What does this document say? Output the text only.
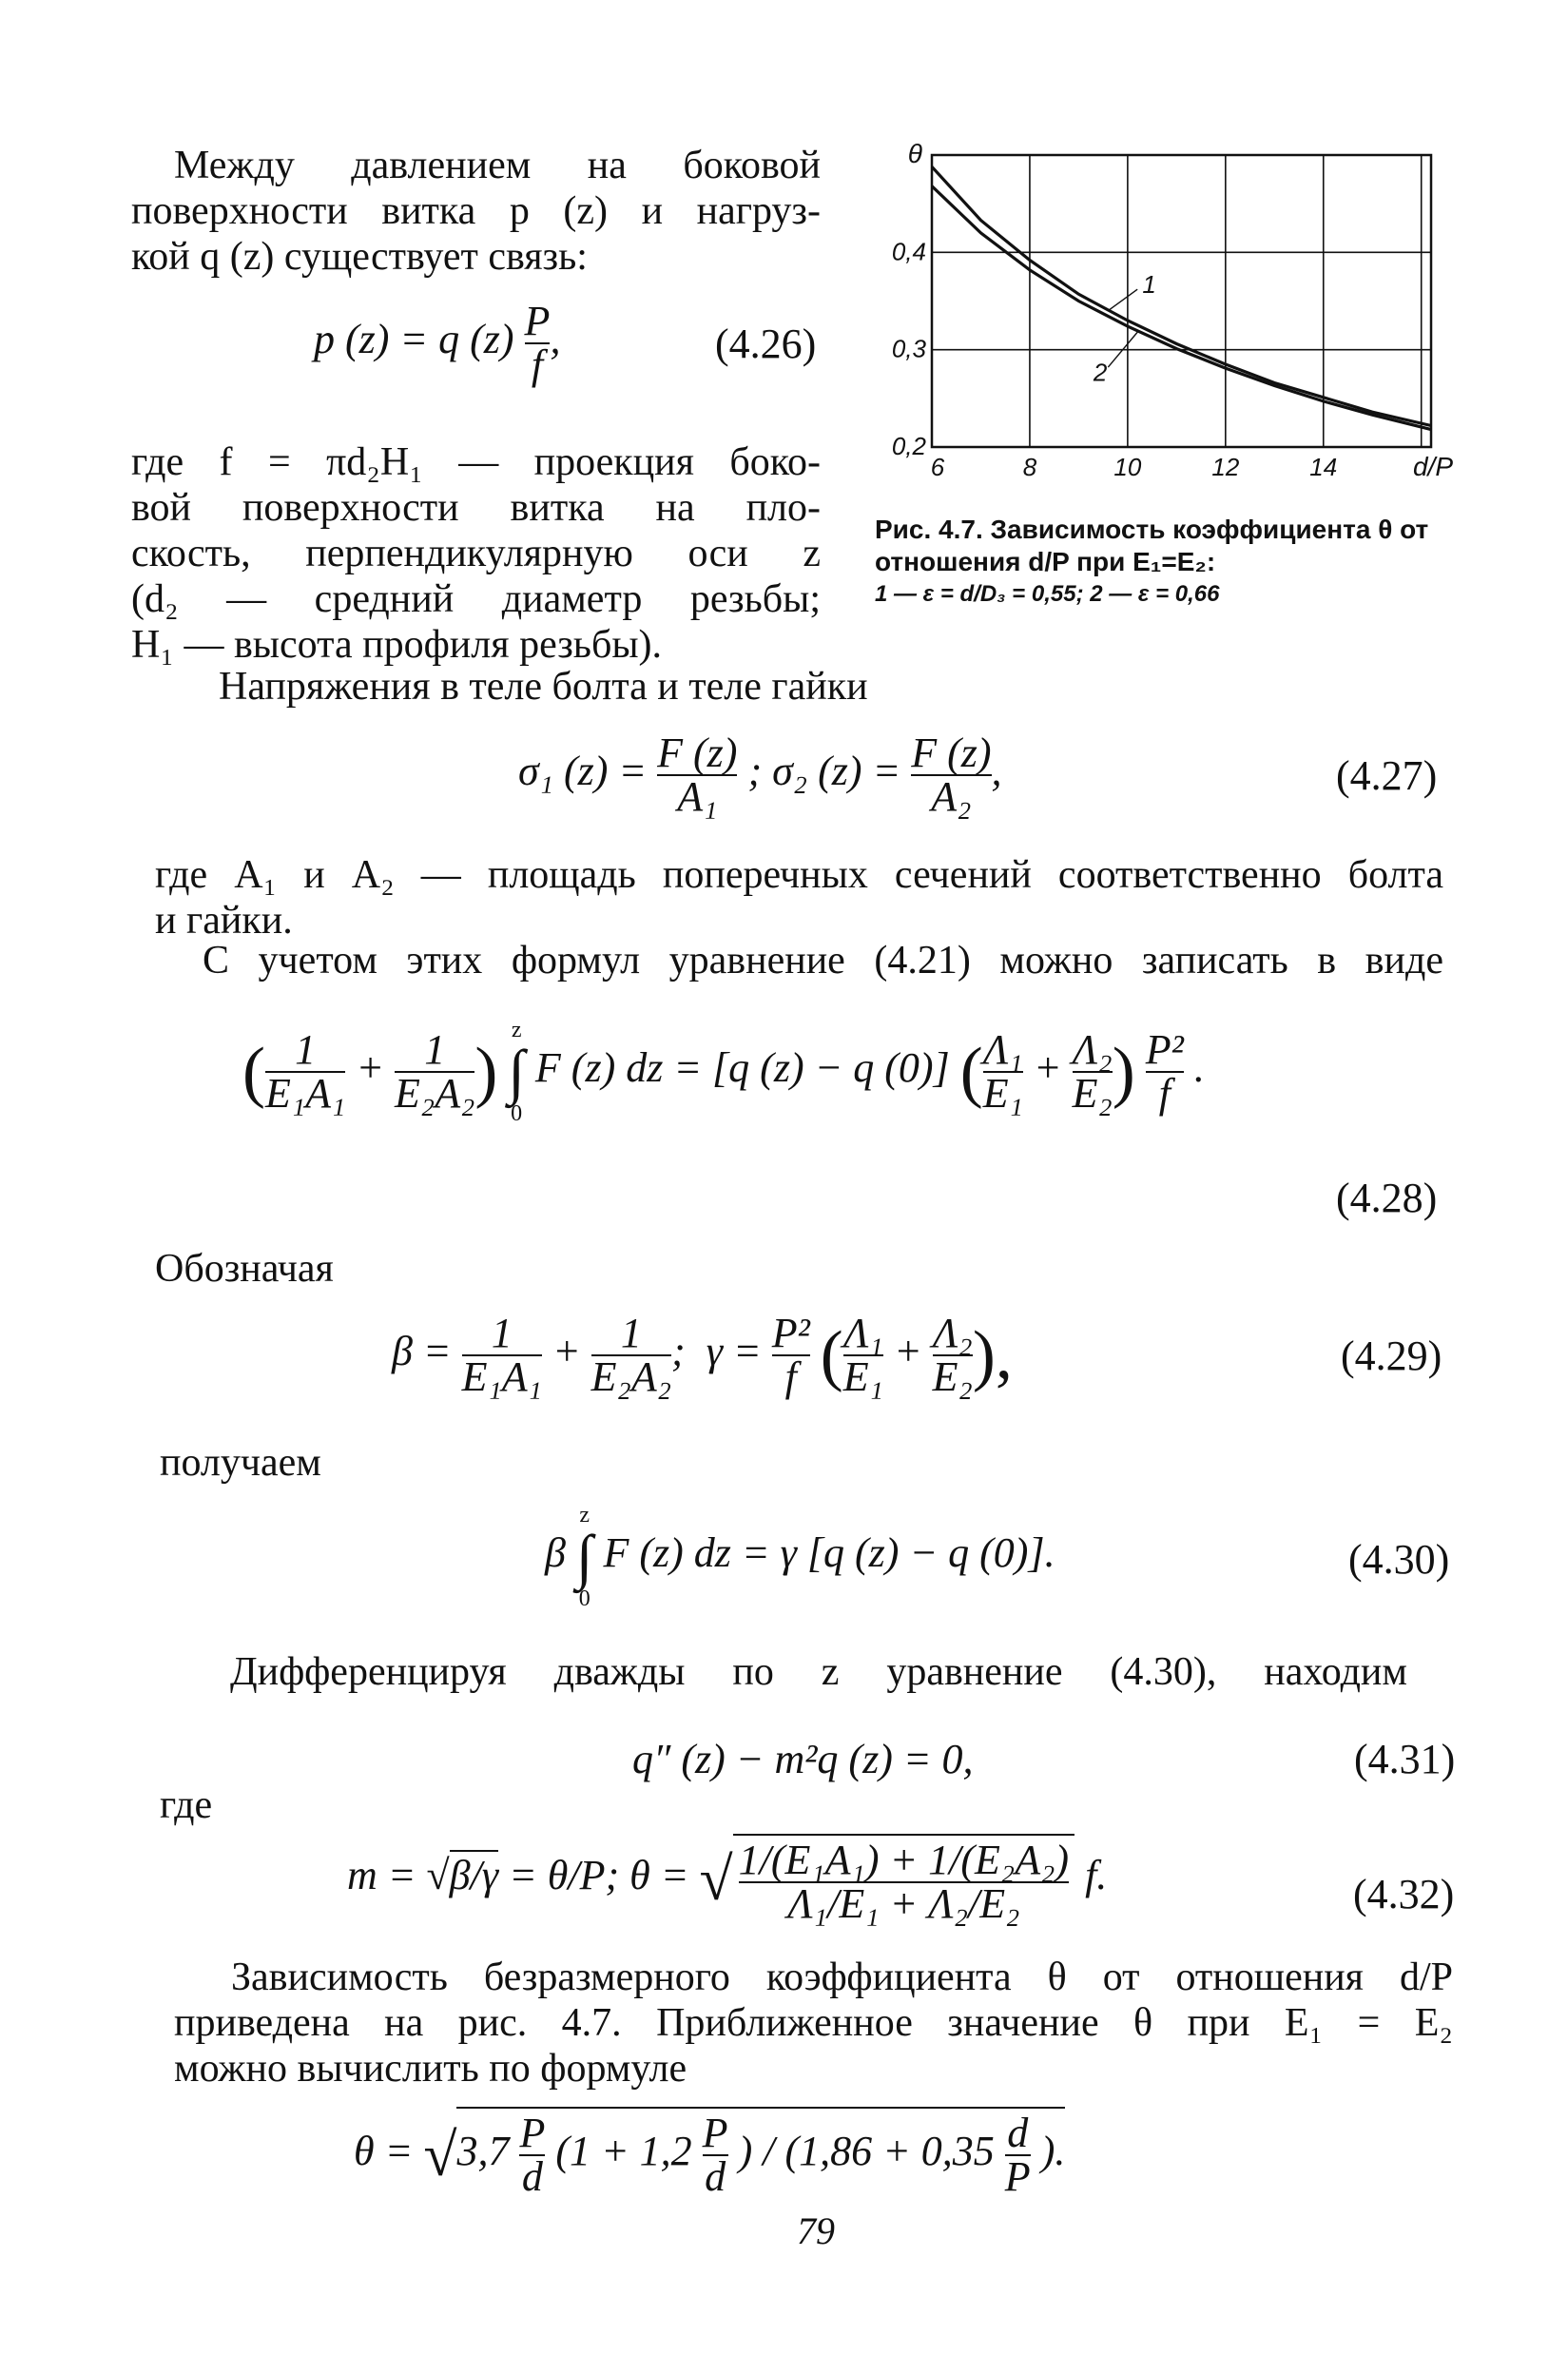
Между давлением на боковой
поверхности витка p (z) и нагруз-
кой q (z) существует связь:
p (z) = q $(z) \frac{P}{f}$ ,	(4.26)
где f = πd₂H₁ — проекция боко-
вой поверхности витка на пло-
скость, перпендикулярную оси z
(d₂ — средний диаметр резьбы;
H₁ — высота профиля резьбы).
6	8	10	12	14
0,2
0,3
0,4
θ
d/P
1
2
Рис. 4.7. Зависимость коэффициента θ от отношения d/P при E₁=E₂:
1 — ε = d/D₃ = 0,55; 2 — ε = 0,66
Напряжения в теле болта и теле гайки
σ₁ $(z) = \frac{F (z)}{\text{A₁}}$ ; σ₂ $(z) = \frac{F (z)}{\text{A₂}}$ ,	(4.27)
где A₁ и A₂ — площадь поперечных сечений соответственно болта
и гайки.
С учетом этих формул уравнение (4.21) можно записать в виде
( $\frac{1}{\text{E₁A₁}} + \frac{1}{\text{E₂A₂}}$ )
z
∫
0
F (z) dz = [q (z) − q (0)] ( $\frac{\text{Λ₁}}{\text{E₁}} + \frac{\text{Λ₂}}{\text{E₂}}$ ) $\frac{\text{P²}}{f}$ .
(4.28)
Обозначая
$\beta = \frac{1}{\text{E₁A₁}} + \frac{1}{\text{E₂A₂}}$ ; $\gamma = \frac{\text{P²}}{f}$ ( $\frac{\text{Λ₁}}{\text{E₁}} + \frac{\text{Λ₂}}{\text{E₂}}$ ),	(4.29)
получаем
β
z
∫
0
F (z) dz = γ [q (z) − q (0)].	(4.30)
Дифференцируя дважды по z уравнение (4.30), находим
q″ (z) − m²q (z) = 0,	(4.31)
где
m = √β/γ = θ/P; θ = √ $\frac{\text{1/(E₁A₁) + 1/(E₂A₂)}}{\text{Λ₁/E₁ + Λ₂/E₂}} f$.	(4.32)
Зависимость безразмерного коэффициента θ от отношения d/P
приведена на рис. 4.7. Приближенное значение θ при E₁ = E₂
можно вычислить по формуле
$\theta = √3,7 \frac{P}{d} (1 + 1,2 \frac{P}{d}$ ) / ($1,86 + 0,35 \frac{d}{P}$ ).
79
